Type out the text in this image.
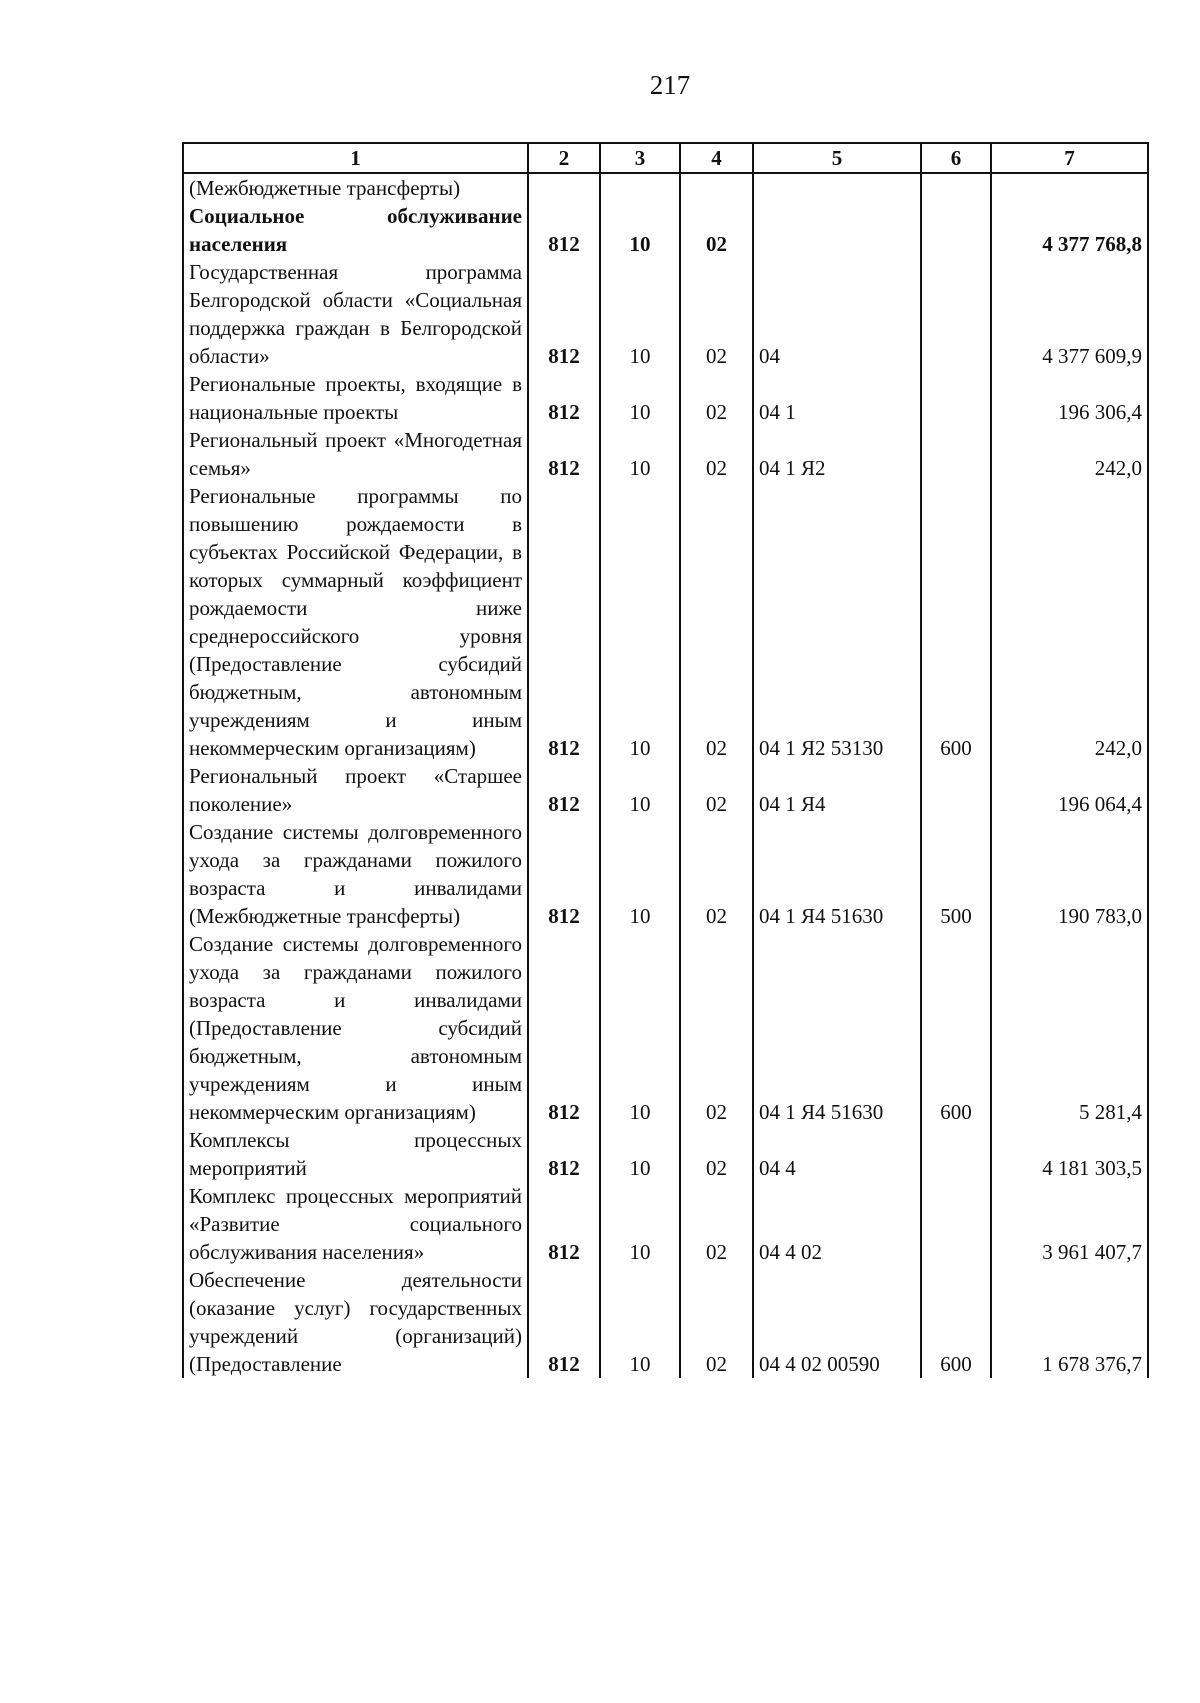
217
1	2	3	4	5	6	7
(Межбюджетные трансферты)						
Социальное обслуживание населения	812	10	02			4 377 768,8
Государственная программа Белгородской области «Социальная поддержка граждан в Белгородской области»	812	10	02	04		4 377 609,9
Региональные проекты, входящие в национальные проекты	812	10	02	04 1		196 306,4
Региональный проект «Многодетная семья»	812	10	02	04 1 Я2		242,0
Региональные программы по повышению рождаемости в субъектах Российской Федерации, в которых суммарный коэффициент рождаемости ниже среднероссийского уровня (Предоставление субсидий бюджетным, автономным учреждениям и иным некоммерческим организациям)	812	10	02	04 1 Я2 53130	600	242,0
Региональный проект «Старшее поколение»	812	10	02	04 1 Я4		196 064,4
Создание системы долговременного ухода за гражданами пожилого возраста и инвалидами (Межбюджетные трансферты)	812	10	02	04 1 Я4 51630	500	190 783,0
Создание системы долговременного ухода за гражданами пожилого возраста и инвалидами (Предоставление субсидий бюджетным, автономным учреждениям и иным некоммерческим организациям)	812	10	02	04 1 Я4 51630	600	5 281,4
Комплексы процессных мероприятий	812	10	02	04 4		4 181 303,5
Комплекс процессных мероприятий «Развитие социального обслуживания населения»	812	10	02	04 4 02		3 961 407,7
Обеспечение деятельности (оказание услуг) государственных учреждений (организаций) (Предоставление	812	10	02	04 4 02 00590	600	1 678 376,7
